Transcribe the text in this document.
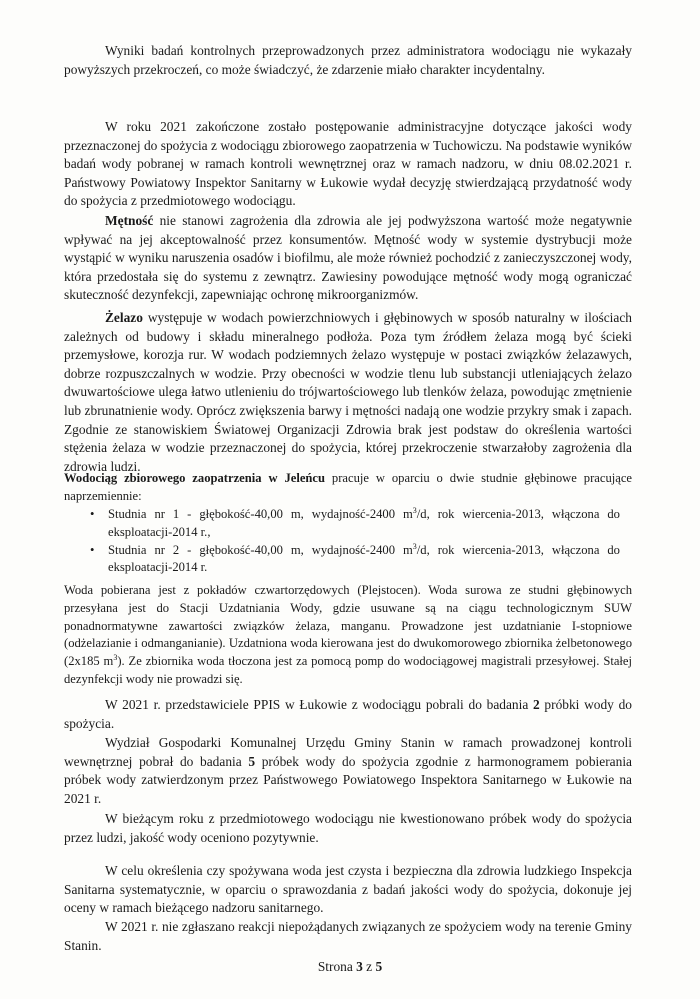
Wyniki badań kontrolnych przeprowadzonych przez administratora wodociągu nie wykazały powyższych przekroczeń, co może świadczyć, że zdarzenie miało charakter incydentalny.

W roku 2021 zakończone zostało postępowanie administracyjne dotyczące jakości wody przeznaczonej do spożycia z wodociągu zbiorowego zaopatrzenia w Tuchowiczu. Na podstawie wyników badań wody pobranej w ramach kontroli wewnętrznej oraz w ramach nadzoru, w dniu 08.02.2021 r. Państwowy Powiatowy Inspektor Sanitarny w Łukowie wydał decyzję stwierdzającą przydatność wody do spożycia z przedmiotowego wodociągu.

Mętność nie stanowi zagrożenia dla zdrowia ale jej podwyższona wartość może negatywnie wpływać na jej akceptowalność przez konsumentów. Mętność wody w systemie dystrybucji może wystąpić w wyniku naruszenia osadów i biofilmu, ale może również pochodzić z zanieczyszczonej wody, która przedostała się do systemu z zewnątrz. Zawiesiny powodujące mętność wody mogą ograniczać skuteczność dezynfekcji, zapewniając ochronę mikroorganizmów.

Żelazo występuje w wodach powierzchniowych i głębinowych w sposób naturalny w ilościach zależnych od budowy i składu mineralnego podłoża. Poza tym źródłem żelaza mogą być ścieki przemysłowe, korozja rur. W wodach podziemnych żelazo występuje w postaci związków żelazawych, dobrze rozpuszczalnych w wodzie. Przy obecności w wodzie tlenu lub substancji utleniających żelazo dwuwartościowe ulega łatwo utlenieniu do trójwartościowego lub tlenków żelaza, powodując zmętnienie lub zbrunatnienie wody. Oprócz zwiększenia barwy i mętności nadają one wodzie przykry smak i zapach. Zgodnie ze stanowiskiem Światowej Organizacji Zdrowia brak jest podstaw do określenia wartości stężenia żelaza w wodzie przeznaczonej do spożycia, której przekroczenie stwarzałoby zagrożenia dla zdrowia ludzi.

Wodociąg zbiorowego zaopatrzenia w Jeleńcu pracuje w oparciu o dwie studnie głębinowe pracujące naprzemiennie:

• Studnia nr 1 - głębokość-40,00 m, wydajność-2400 $m^3/d$, rok wiercenia-2013, włączona do eksploatacji-2014 r.,
• Studnia nr 2 - głębokość-40,00 m, wydajność-2400 $m^3/d$, rok wiercenia-2013, włączona do eksploatacji-2014 r.

Woda pobierana jest z pokładów czwartorzędowych (Plejstocen). Woda surowa ze studni głębinowych przesyłana jest do Stacji Uzdatniania Wody, gdzie usuwane są na ciągu technologicznym SUW ponadnormatywne zawartości związków żelaza, manganu. Prowadzone jest uzdatnianie I-stopniowe (odżelazianie i odmanganianie). Uzdatniona woda kierowana jest do dwukomorowego zbiornika żelbetonowego (2x185 $m^3$). Ze zbiornika woda tłoczona jest za pomocą pomp do wodociągowej magistrali przesyłowej. Stałej dezynfekcji wody nie prowadzi się.

W 2021 r. przedstawiciele PPIS w Łukowie z wodociągu pobrali do badania 2 próbki wody do spożycia.

Wydział Gospodarki Komunalnej Urzędu Gminy Stanin w ramach prowadzonej kontroli wewnętrznej pobrał do badania 5 próbek wody do spożycia zgodnie z harmonogramem pobierania próbek wody zatwierdzonym przez Państwowego Powiatowego Inspektora Sanitarnego w Łukowie na 2021 r.

W bieżącym roku z przedmiotowego wodociągu nie kwestionowano próbek wody do spożycia przez ludzi, jakość wody oceniono pozytywnie.

W celu określenia czy spożywana woda jest czysta i bezpieczna dla zdrowia ludzkiego Inspekcja Sanitarna systematycznie, w oparciu o sprawozdania z badań jakości wody do spożycia, dokonuje jej oceny w ramach bieżącego nadzoru sanitarnego.

W 2021 r. nie zgłaszano reakcji niepożądanych związanych ze spożyciem wody na terenie Gminy Stanin.

Strona 3 z 5
